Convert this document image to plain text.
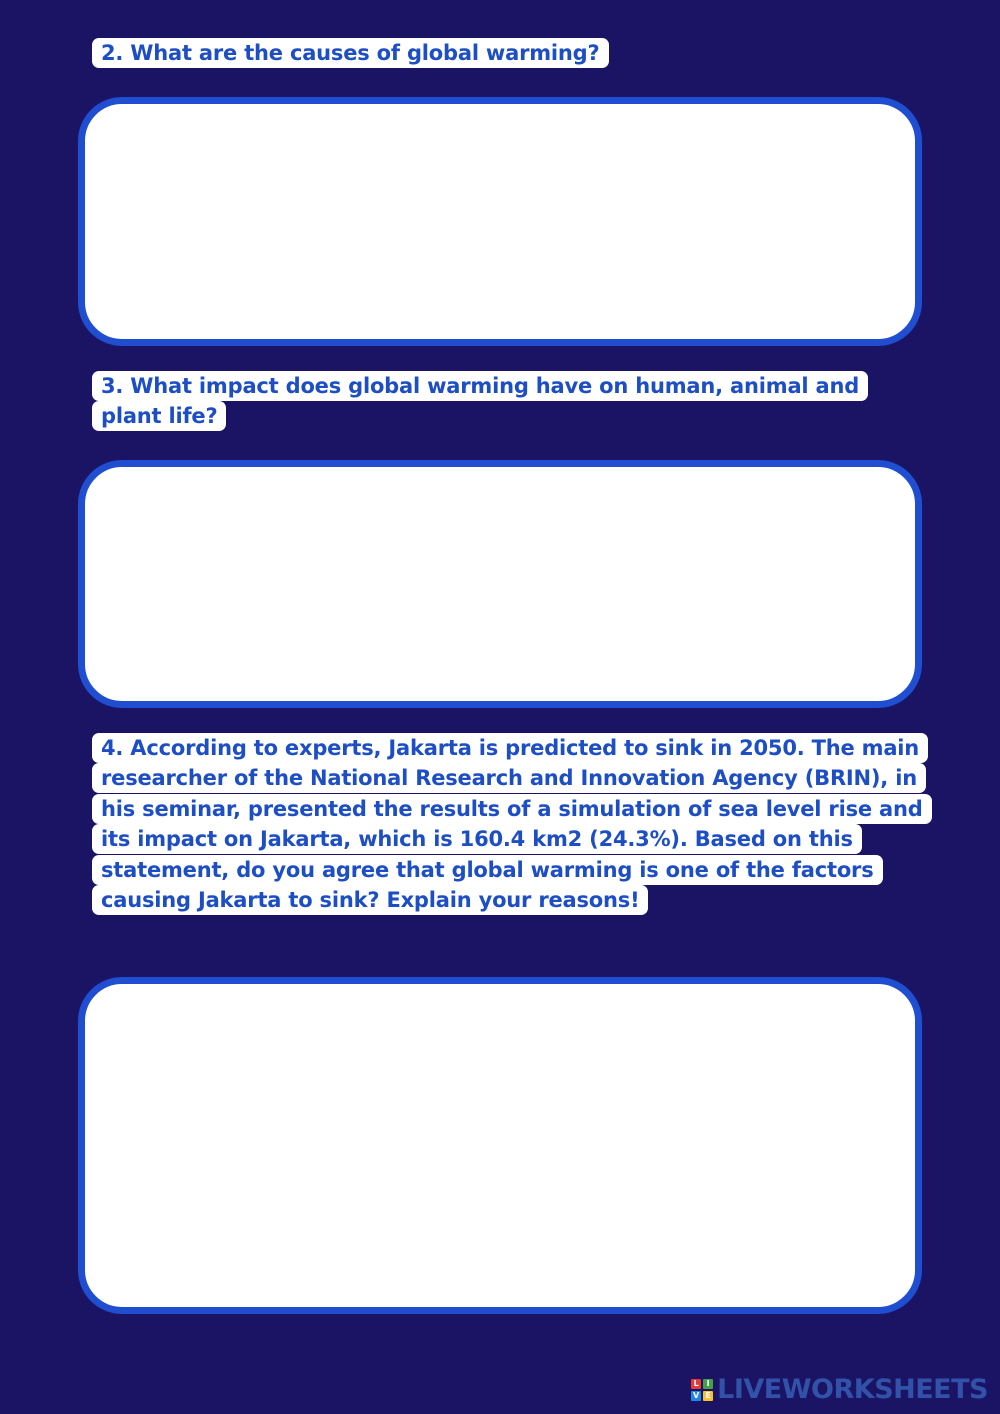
2. What are the causes of global warming?

3. What impact does global warming have on human, animal and plant life?

4. According to experts, Jakarta is predicted to sink in 2050. The main researcher of the National Research and Innovation Agency (BRIN), in his seminar, presented the results of a simulation of sea level rise and its impact on Jakarta, which is 160.4 km2 (24.3%). Based on this statement, do you agree that global warming is one of the factors causing Jakarta to sink? Explain your reasons!

L I
V E LIVEWORKSHEETS
